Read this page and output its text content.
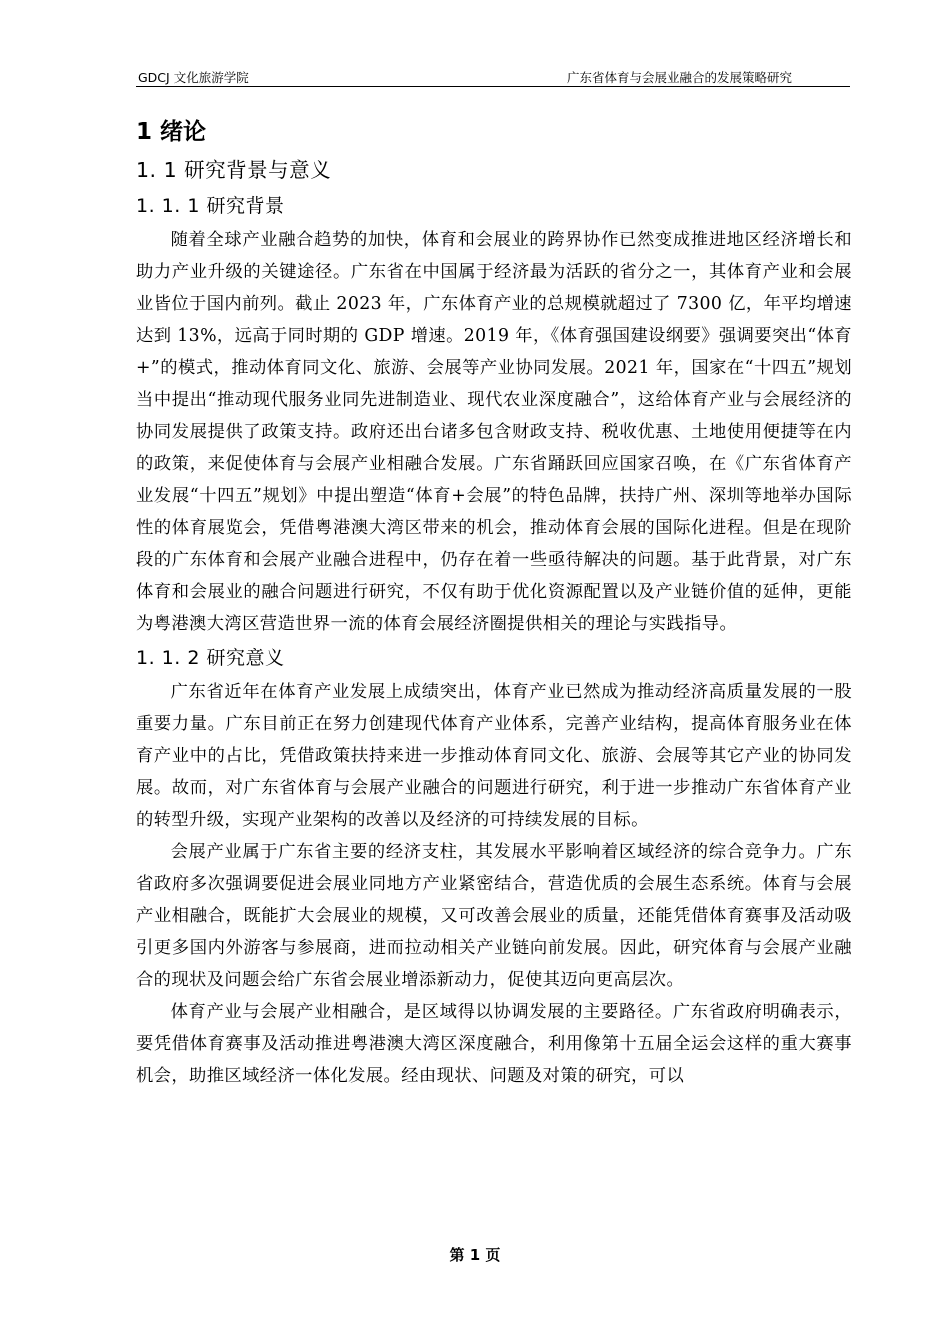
GDCJ 文化旅游学院	广东省体育与会展业融合的发展策略研究
1 绪论
1. 1 研究背景与意义
1. 1. 1 研究背景

随着全球产业融合趋势的加快，体育和会展业的跨界协作已然变成推进地区经济增长和助力产业升级的关键途径。广东省在中国属于经济最为活跃的省分之一，其体育产业和会展业皆位于国内前列。截止 2023 年，广东体育产业的总规模就超过了 7300 亿，年平均增速达到 13%，远高于同时期的 GDP 增速。2019 年，《体育强国建设纲要》强调要突出“体育+”的模式，推动体育同文化、旅游、会展等产业协同发展。2021 年，国家在“十四五”规划当中提出“推动现代服务业同先进制造业、现代农业深度融合”，这给体育产业与会展经济的协同发展提供了政策支持。政府还出台诸多包含财政支持、税收优惠、土地使用便捷等在内的政策，来促使体育与会展产业相融合发展。广东省踊跃回应国家召唤，在《广东省体育产业发展“十四五”规划》中提出塑造“体育+会展”的特色品牌，扶持广州、深圳等地举办国际性的体育展览会，凭借粤港澳大湾区带来的机会，推动体育会展的国际化进程。但是在现阶段的广东体育和会展产业融合进程中，仍存在着一些亟待解决的问题。基于此背景，对广东体育和会展业的融合问题进行研究，不仅有助于优化资源配置以及产业链价值的延伸，更能为粤港澳大湾区营造世界一流的体育会展经济圈提供相关的理论与实践指导。

1. 1. 2 研究意义

广东省近年在体育产业发展上成绩突出，体育产业已然成为推动经济高质量发展的一股重要力量。广东目前正在努力创建现代体育产业体系，完善产业结构，提高体育服务业在体育产业中的占比，凭借政策扶持来进一步推动体育同文化、旅游、会展等其它产业的协同发展。故而，对广东省体育与会展产业融合的问题进行研究，利于进一步推动广东省体育产业的转型升级，实现产业架构的改善以及经济的可持续发展的目标。

会展产业属于广东省主要的经济支柱，其发展水平影响着区域经济的综合竞争力。广东省政府多次强调要促进会展业同地方产业紧密结合，营造优质的会展生态系统。体育与会展产业相融合，既能扩大会展业的规模，又可改善会展业的质量，还能凭借体育赛事及活动吸引更多国内外游客与参展商，进而拉动相关产业链向前发展。因此，研究体育与会展产业融合的现状及问题会给广东省会展业增添新动力，促使其迈向更高层次。

体育产业与会展产业相融合，是区域得以协调发展的主要路径。广东省政府明确表示，要凭借体育赛事及活动推进粤港澳大湾区深度融合，利用像第十五届全运会这样的重大赛事机会，助推区域经济一体化发展。经由现状、问题及对策的研究，可以

第 1 页
